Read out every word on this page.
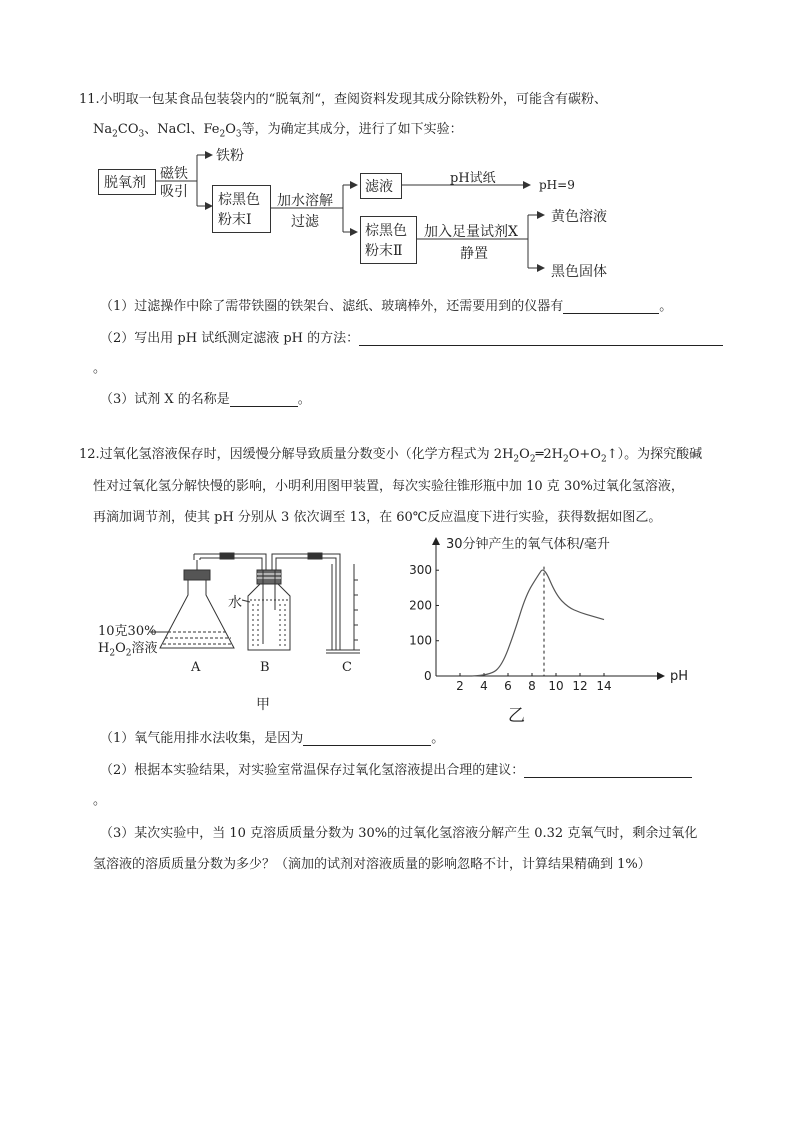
11.小明取一包某食品包装袋内的“脱氧剂“，查阅资料发现其成分除铁粉外，可能含有碳粉、
$Na_2CO_3$、NaCl、$Fe_2O_3$等，为确定其成分，进行了如下实验：
脱氧剂
磁铁
吸引
铁粉
棕黑色
粉末Ⅰ
加水溶解
过滤
滤液
pH试纸	pH=9
棕黑色
粉末Ⅱ
加入足量试剂X
静置
黄色溶液
黑色固体
（1）过滤操作中除了需带铁圈的铁架台、滤纸、玻璃棒外，还需要用到的仪器有	。
（2）写出用 pH 试纸测定滤液 pH 的方法：
。
（3）试剂 X 的名称是	。
12.过氧化氢溶液保存时，因缓慢分解导致质量分数变小（化学方程式为 $2H_2O_2═2H_2O+O_2↑$）。为探究酸碱
性对过氧化氢分解快慢的影响，小明利用图甲装置，每次实验往锥形瓶中加 10 克 30%过氧化氢溶液，
再滴加调节剂，使其 pH 分别从 3 依次调至 13，在 60℃反应温度下进行实验，获得数据如图乙。
水
10克30%
$H_2O_2$溶液
A	B	C
甲
30分钟产生的氧气体积/毫升
0
2 4 6 8 10 12 14
100
200
300
pH
乙
（1）氧气能用排水法收集，是因为	。
（2）根据本实验结果，对实验室常温保存过氧化氢溶液提出合理的建议：
。
（3）某次实验中，当 10 克溶质质量分数为 30%的过氧化氢溶液分解产生 0.32 克氧气时，剩余过氧化
氢溶液的溶质质量分数为多少？（滴加的试剂对溶液质量的影响忽略不计，计算结果精确到 1%）
